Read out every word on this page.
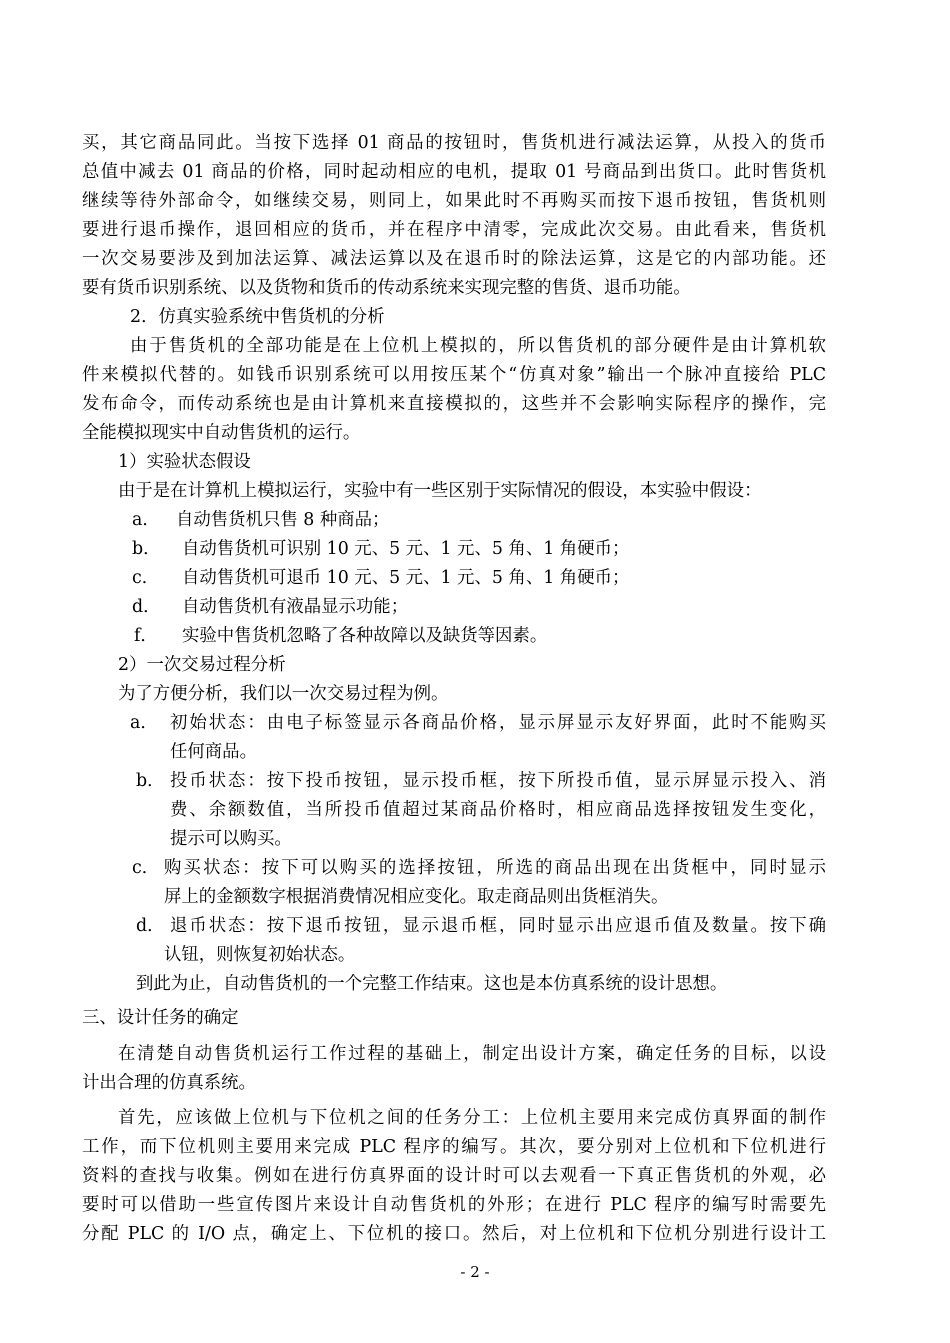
买，其它商品同此。当按下选择 01 商品的按钮时，售货机进行减法运算，从投入的货币
总值中减去 01 商品的价格，同时起动相应的电机，提取 01 号商品到出货口。此时售货机
继续等待外部命令，如继续交易，则同上，如果此时不再购买而按下退币按钮，售货机则
要进行退币操作，退回相应的货币，并在程序中清零，完成此次交易。由此看来，售货机
一次交易要涉及到加法运算、减法运算以及在退币时的除法运算，这是它的内部功能。还
要有货币识别系统、以及货物和货币的传动系统来实现完整的售货、退币功能。
2．仿真实验系统中售货机的分析
由于售货机的全部功能是在上位机上模拟的，所以售货机的部分硬件是由计算机软
件来模拟代替的。如钱币识别系统可以用按压某个“仿真对象”输出一个脉冲直接给 PLC
发布命令，而传动系统也是由计算机来直接模拟的，这些并不会影响实际程序的操作，完
全能模拟现实中自动售货机的运行。
1）实验状态假设
由于是在计算机上模拟运行，实验中有一些区别于实际情况的假设，本实验中假设：
a． 自动售货机只售 8 种商品；
b．	自动售货机可识别 10 元、5 元、1 元、5 角、1 角硬币；
c．	自动售货机可退币 10 元、5 元、1 元、5 角、1 角硬币；
d．	自动售货机有液晶显示功能；
f．	实验中售货机忽略了各种故障以及缺货等因素。
2）一次交易过程分析
为了方便分析，我们以一次交易过程为例。
a． 初始状态：由电子标签显示各商品价格，显示屏显示友好界面，此时不能购买
任何商品。
b． 投币状态：按下投币按钮，显示投币框，按下所投币值，显示屏显示投入、消
费、余额数值，当所投币值超过某商品价格时，相应商品选择按钮发生变化，
提示可以购买。
c． 购买状态：按下可以购买的选择按钮，所选的商品出现在出货框中，同时显示
屏上的金额数字根据消费情况相应变化。取走商品则出货框消失。
d． 退币状态：按下退币按钮，显示退币框，同时显示出应退币值及数量。按下确
认钮，则恢复初始状态。
到此为止，自动售货机的一个完整工作结束。这也是本仿真系统的设计思想。
三、设计任务的确定
在清楚自动售货机运行工作过程的基础上，制定出设计方案，确定任务的目标，以设
计出合理的仿真系统。
首先，应该做上位机与下位机之间的任务分工：上位机主要用来完成仿真界面的制作
工作，而下位机则主要用来完成 PLC 程序的编写。其次，要分别对上位机和下位机进行
资料的查找与收集。例如在进行仿真界面的设计时可以去观看一下真正售货机的外观，必
要时可以借助一些宣传图片来设计自动售货机的外形；在进行 PLC 程序的编写时需要先
分配 PLC 的 I/O 点，确定上、下位机的接口。然后，对上位机和下位机分别进行设计工
- 2 -
